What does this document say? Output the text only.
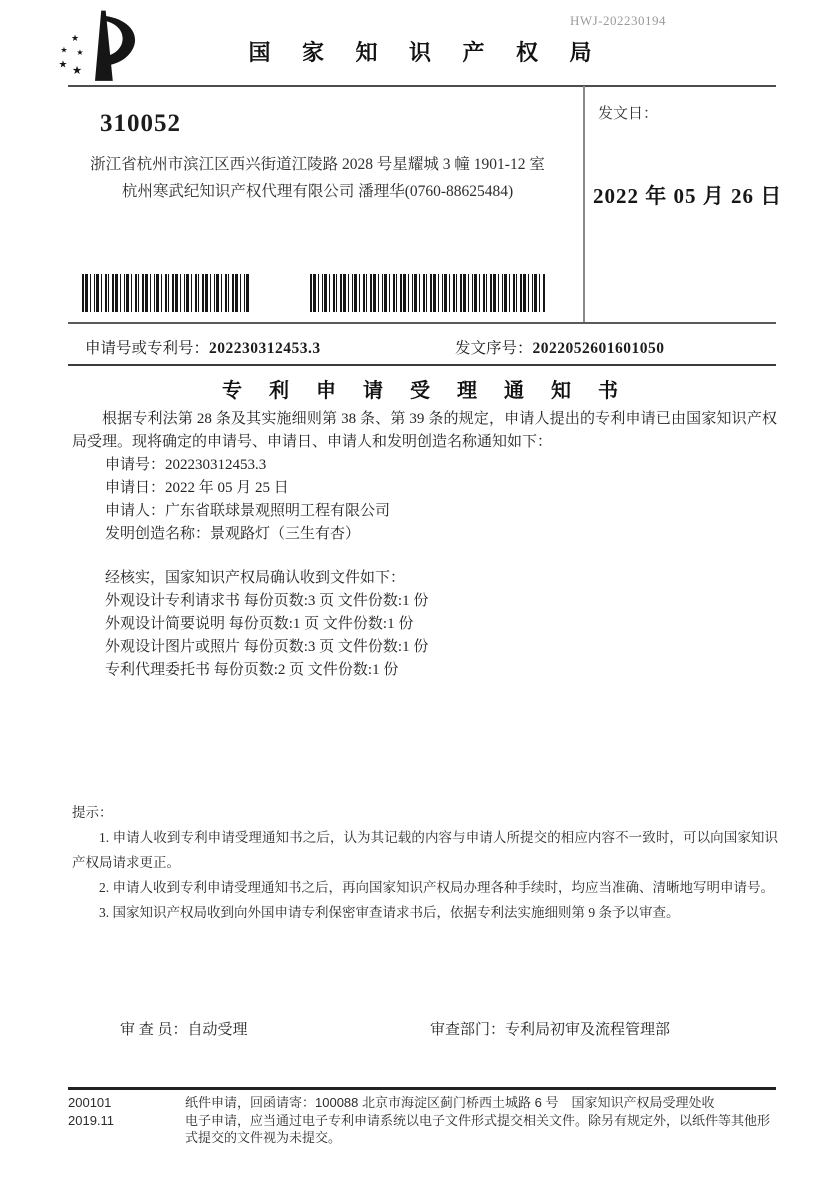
HWJ-202230194
★
★ ★
★ ★
国 家 知 识 产 权 局
310052
浙江省杭州市滨江区西兴街道江陵路 2028 号星耀城 3 幢 1901-12 室
杭州寒武纪知识产权代理有限公司 潘理华(0760-88625484)
发文日：
2022 年 05 月 26 日
申请号或专利号：202230312453.3	发文序号：2022052601601050
专 利 申 请 受 理 通 知 书

根据专利法第 28 条及其实施细则第 38 条、第 39 条的规定，申请人提出的专利申请已由国家知识产权局受理。现将确定的申请号、申请日、申请人和发明创造名称通知如下：

申请号：202230312453.3
申请日：2022 年 05 月 25 日
申请人：广东省联球景观照明工程有限公司
发明创造名称：景观路灯（三生有杏）

经核实，国家知识产权局确认收到文件如下：

外观设计专利请求书 每份页数:3 页 文件份数:1 份
外观设计简要说明 每份页数:1 页 文件份数:1 份
外观设计图片或照片 每份页数:3 页 文件份数:1 份
专利代理委托书 每份页数:2 页 文件份数:1 份
提示：

1. 申请人收到专利申请受理通知书之后，认为其记载的内容与申请人所提交的相应内容不一致时，可以向国家知识产权局请求更正。

2. 申请人收到专利申请受理通知书之后，再向国家知识产权局办理各种手续时，均应当准确、清晰地写明申请号。

3. 国家知识产权局收到向外国申请专利保密审查请求书后，依据专利法实施细则第 9 条予以审查。

审 查 员：自动受理	审查部门：专利局初审及流程管理部
200101	纸件申请，回函请寄：100088 北京市海淀区蓟门桥西土城路 6 号　国家知识产权局受理处收
2019.11	电子申请，应当通过电子专利申请系统以电子文件形式提交相关文件。除另有规定外，以纸件等其他形式提交的文件视为未提交。
